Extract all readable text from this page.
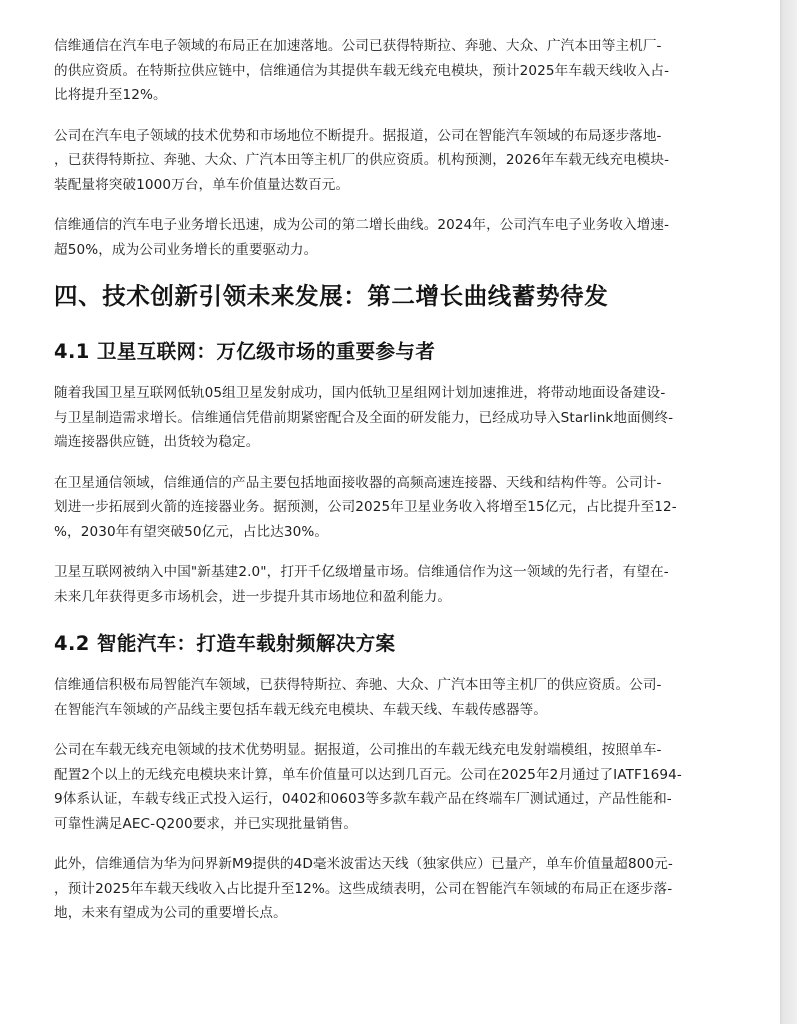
信维通信在汽车电子领域的布局正在加速落地。公司已获得特斯拉、奔驰、大众、广汽本田等主机厂-
的供应资质。在特斯拉供应链中，信维通信为其提供车载无线充电模块，预计2025年车载天线收入占-
比将提升至12%。

公司在汽车电子领域的技术优势和市场地位不断提升。据报道，公司在智能汽车领域的布局逐步落地-
，已获得特斯拉、奔驰、大众、广汽本田等主机厂的供应资质。机构预测，2026年车载无线充电模块-
装配量将突破1000万台，单车价值量达数百元。

信维通信的汽车电子业务增长迅速，成为公司的第二增长曲线。2024年，公司汽车电子业务收入增速-
超50%，成为公司业务增长的重要驱动力。

四、技术创新引领未来发展：第二增长曲线蓄势待发
4.1 卫星互联网：万亿级市场的重要参与者

随着我国卫星互联网低轨05组卫星发射成功，国内低轨卫星组网计划加速推进，将带动地面设备建设-
与卫星制造需求增长。信维通信凭借前期紧密配合及全面的研发能力，已经成功导入Starlink地面侧终-
端连接器供应链，出货较为稳定。

在卫星通信领域，信维通信的产品主要包括地面接收器的高频高速连接器、天线和结构件等。公司计-
划进一步拓展到火箭的连接器业务。据预测，公司2025年卫星业务收入将增至15亿元，占比提升至12-
%，2030年有望突破50亿元，占比达30%。

卫星互联网被纳入中国"新基建2.0"，打开千亿级增量市场。信维通信作为这一领域的先行者，有望在-
未来几年获得更多市场机会，进一步提升其市场地位和盈利能力。

4.2 智能汽车：打造车载射频解决方案

信维通信积极布局智能汽车领域，已获得特斯拉、奔驰、大众、广汽本田等主机厂的供应资质。公司-
在智能汽车领域的产品线主要包括车载无线充电模块、车载天线、车载传感器等。

公司在车载无线充电领域的技术优势明显。据报道，公司推出的车载无线充电发射端模组，按照单车-
配置2个以上的无线充电模块来计算，单车价值量可以达到几百元。公司在2025年2月通过了IATF1694-
9体系认证，车载专线正式投入运行，0402和0603等多款车载产品在终端车厂测试通过，产品性能和-
可靠性满足AEC-Q200要求，并已实现批量销售。

此外，信维通信为华为问界新M9提供的4D毫米波雷达天线（独家供应）已量产，单车价值量超800元-
，预计2025年车载天线收入占比提升至12%。这些成绩表明，公司在智能汽车领域的布局正在逐步落-
地，未来有望成为公司的重要增长点。
